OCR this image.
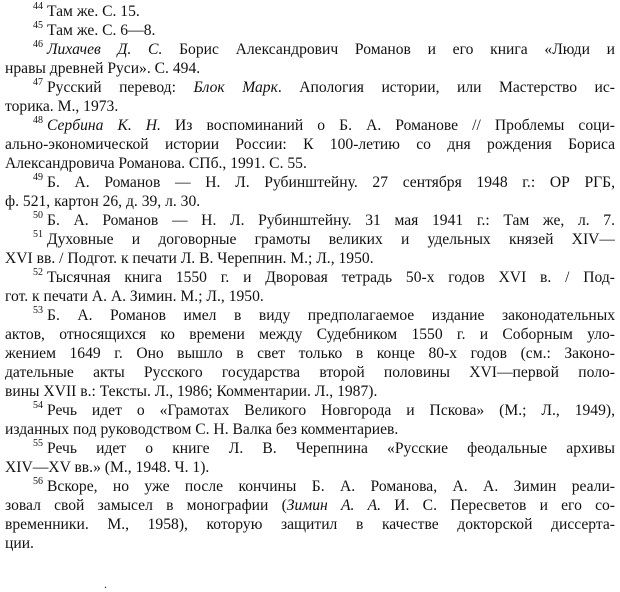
$^{44}$ Там же. С. 15.
$^{45}$ Там же. С. 6—8.
$^{46}$ Лихачев Д. С. Борис Александрович Романов и его книга «Люди и
нравы древней Руси». С. 494.
$^{47}$ Русский перевод: Блок Марк. Апология истории, или Мастерство ис-
торика. М., 1973.
$^{48}$ Сербина К. Н. Из воспоминаний о Б. А. Романове // Проблемы соци-
ально-экономической истории России: К 100-летию со дня рождения Бориса
Александровича Романова. СПб., 1991. С. 55.
$^{49}$ Б. А. Романов — Н. Л. Рубинштейну. 27 сентября 1948 г.: ОР РГБ,
ф. 521, картон 26, д. 39, л. 30.
$^{50}$ Б. А. Романов — Н. Л. Рубинштейну. 31 мая 1941 г.: Там же, л. 7.
$^{51}$ Духовные и договорные грамоты великих и удельных князей XIV—
XVI вв. / Подгот. к печати Л. В. Черепнин. М.; Л., 1950.
$^{52}$ Тысячная книга 1550 г. и Дворовая тетрадь 50-х годов XVI в. / Под-
гот. к печати А. А. Зимин. М.; Л., 1950.
$^{53}$ Б. А. Романов имел в виду предполагаемое издание законодательных
актов, относящихся ко времени между Судебником 1550 г. и Соборным уло-
жением 1649 г. Оно вышло в свет только в конце 80-х годов (см.: Законо-
дательные акты Русского государства второй половины XVI—первой поло-
вины XVII в.: Тексты. Л., 1986; Комментарии. Л., 1987).
$^{54}$ Речь идет о «Грамотах Великого Новгорода и Пскова» (М.; Л., 1949),
изданных под руководством С. Н. Валка без комментариев.
$^{55}$ Речь идет о книге Л. В. Черепнина «Русские феодальные архивы
XIV—XV вв.» (М., 1948. Ч. 1).
$^{56}$ Вскоре, но уже после кончины Б. А. Романова, А. А. Зимин реали-
зовал свой замысел в монографии (Зимин А. А. И. С. Пересветов и его со-
временники. М., 1958), которую защитил в качестве докторской диссерта-
ции.
.
